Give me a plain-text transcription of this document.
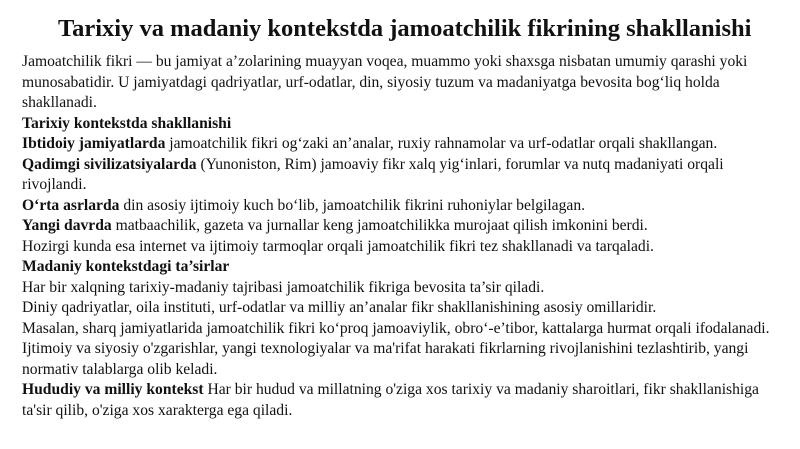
Tarixiy va madaniy kontekstda jamoatchilik fikrining shakllanishi

Jamoatchilik fikri — bu jamiyat a’zolarining muayyan voqea, muammo yoki shaxsga nisbatan umumiy qarashi yoki munosabatidir. U jamiyatdagi qadriyatlar, urf-odatlar, din, siyosiy tuzum va madaniyatga bevosita bog‘liq holda shakllanadi.

Tarixiy kontekstda shakllanishi

Ibtidoiy jamiyatlarda jamoatchilik fikri og‘zaki an’analar, ruxiy rahnamolar va urf-odatlar orqali shakllangan.

Qadimgi sivilizatsiyalarda (Yunoniston, Rim) jamoaviy fikr xalq yig‘inlari, forumlar va nutq madaniyati orqali rivojlandi.

O‘rta asrlarda din asosiy ijtimoiy kuch bo‘lib, jamoatchilik fikrini ruhoniylar belgilagan.

Yangi davrda matbaachilik, gazeta va jurnallar keng jamoatchilikka murojaat qilish imkonini berdi.

Hozirgi kunda esa internet va ijtimoiy tarmoqlar orqali jamoatchilik fikri tez shakllanadi va tarqaladi.

Madaniy kontekstdagi ta’sirlar

Har bir xalqning tarixiy-madaniy tajribasi jamoatchilik fikriga bevosita ta’sir qiladi.

Diniy qadriyatlar, oila instituti, urf-odatlar va milliy an’analar fikr shakllanishining asosiy omillaridir.

Masalan, sharq jamiyatlarida jamoatchilik fikri ko‘proq jamoaviylik, obro‘-e’tibor, kattalarga hurmat orqali ifodalanadi.

Ijtimoiy va siyosiy o'zgarishlar, yangi texnologiyalar va ma'rifat harakati fikrlarning rivojlanishini tezlashtirib, yangi normativ talablarga olib keladi.

Hududiy va milliy kontekst Har bir hudud va millatning o'ziga xos tarixiy va madaniy sharoitlari, fikr shakllanishiga ta'sir qilib, o'ziga xos xarakterga ega qiladi.
